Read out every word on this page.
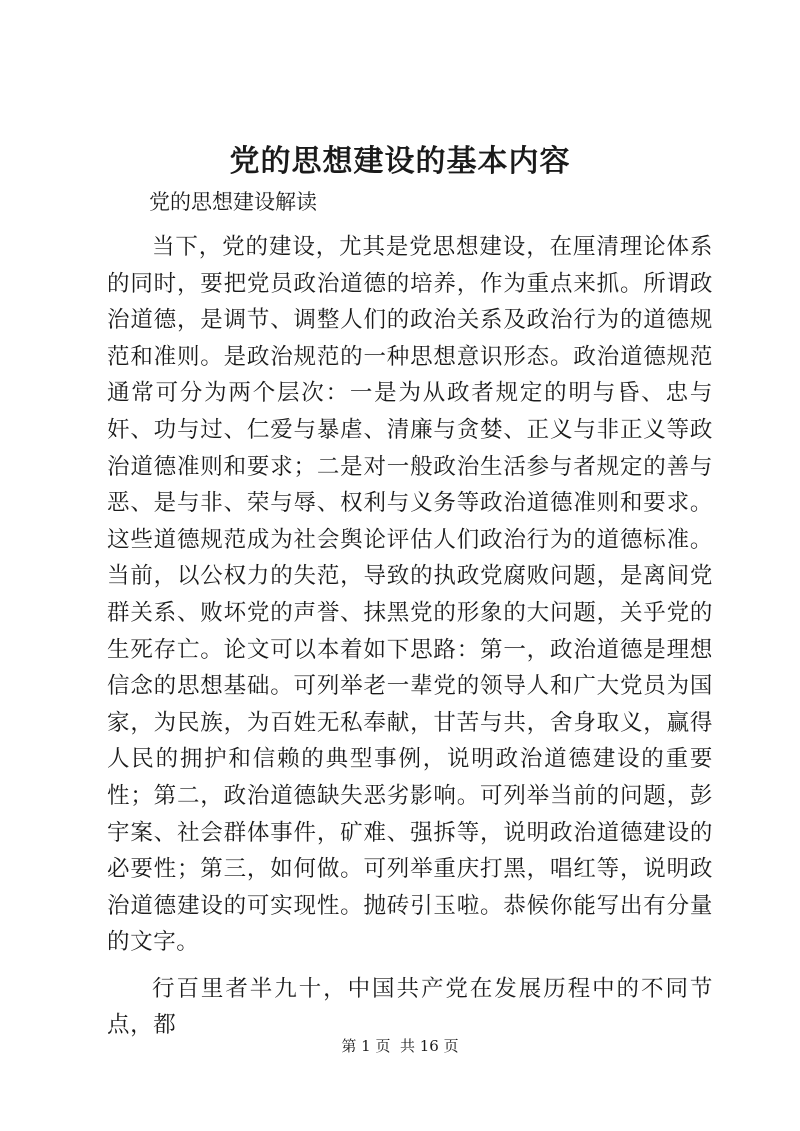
党的思想建设的基本内容

党的思想建设解读

当下，党的建设，尤其是党思想建设，在厘清理论体系的同时，要把党员政治道德的培养，作为重点来抓。所谓政治道德，是调节、调整人们的政治关系及政治行为的道德规范和准则。是政治规范的一种思想意识形态。政治道德规范通常可分为两个层次：一是为从政者规定的明与昏、忠与奸、功与过、仁爱与暴虐、清廉与贪婪、正义与非正义等政治道德准则和要求；二是对一般政治生活参与者规定的善与恶、是与非、荣与辱、权利与义务等政治道德准则和要求。这些道德规范成为社会舆论评估人们政治行为的道德标准。当前，以公权力的失范，导致的执政党腐败问题，是离间党群关系、败坏党的声誉、抹黑党的形象的大问题，关乎党的生死存亡。论文可以本着如下思路：第一，政治道德是理想信念的思想基础。可列举老一辈党的领导人和广大党员为国家，为民族，为百姓无私奉献，甘苦与共，舍身取义，赢得人民的拥护和信赖的典型事例，说明政治道德建设的重要性；第二，政治道德缺失恶劣影响。可列举当前的问题，彭宇案、社会群体事件，矿难、强拆等，说明政治道德建设的必要性；第三，如何做。可列举重庆打黑，唱红等，说明政治道德建设的可实现性。抛砖引玉啦。恭候你能写出有分量的文字。

行百里者半九十，中国共产党在发展历程中的不同节点，都

第 1 页  共 16 页
